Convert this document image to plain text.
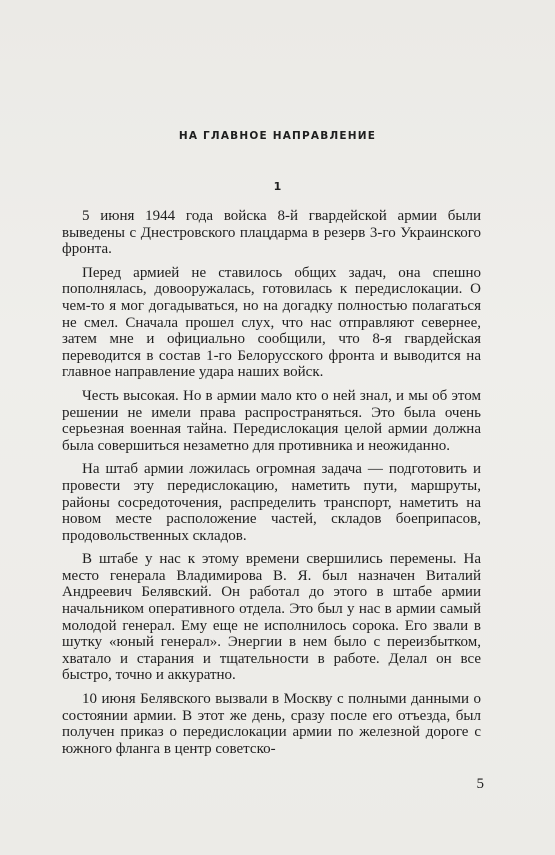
НА ГЛАВНОЕ НАПРАВЛЕНИЕ
1

5 июня 1944 года войска 8-й гвардейской армии были выведены с Днестровского плацдарма в резерв 3-го Украинского фронта.

Перед армией не ставилось общих задач, она спешно пополнялась, довооружалась, готовилась к передислокации. О чем-то я мог догадываться, но на догадку полностью полагаться не смел. Сначала прошел слух, что нас отправляют севернее, затем мне и официально сообщили, что 8-я гвардейская переводится в состав 1-го Белорусского фронта и выводится на главное направление удара наших войск.

Честь высокая. Но в армии мало кто о ней знал, и мы об этом решении не имели права распространяться. Это была очень серьезная военная тайна. Передислокация целой армии должна была совершиться незаметно для противника и неожиданно.

На штаб армии ложилась огромная задача — подготовить и провести эту передислокацию, наметить пути, маршруты, районы сосредоточения, распределить транспорт, наметить на новом месте расположение частей, складов боеприпасов, продовольственных складов.

В штабе у нас к этому времени свершились перемены. На место генерала Владимирова В. Я. был назначен Виталий Андреевич Белявский. Он работал до этого в штабе армии начальником оперативного отдела. Это был у нас в армии самый молодой генерал. Ему еще не исполнилось сорока. Его звали в шутку «юный генерал». Энергии в нем было с переизбытком, хватало и старания и тщательности в работе. Делал он все быстро, точно и аккуратно.

10 июня Белявского вызвали в Москву с полными данными о состоянии армии. В этот же день, сразу после его отъезда, был получен приказ о передислокации армии по железной дороге с южного фланга в центр советско-

5
